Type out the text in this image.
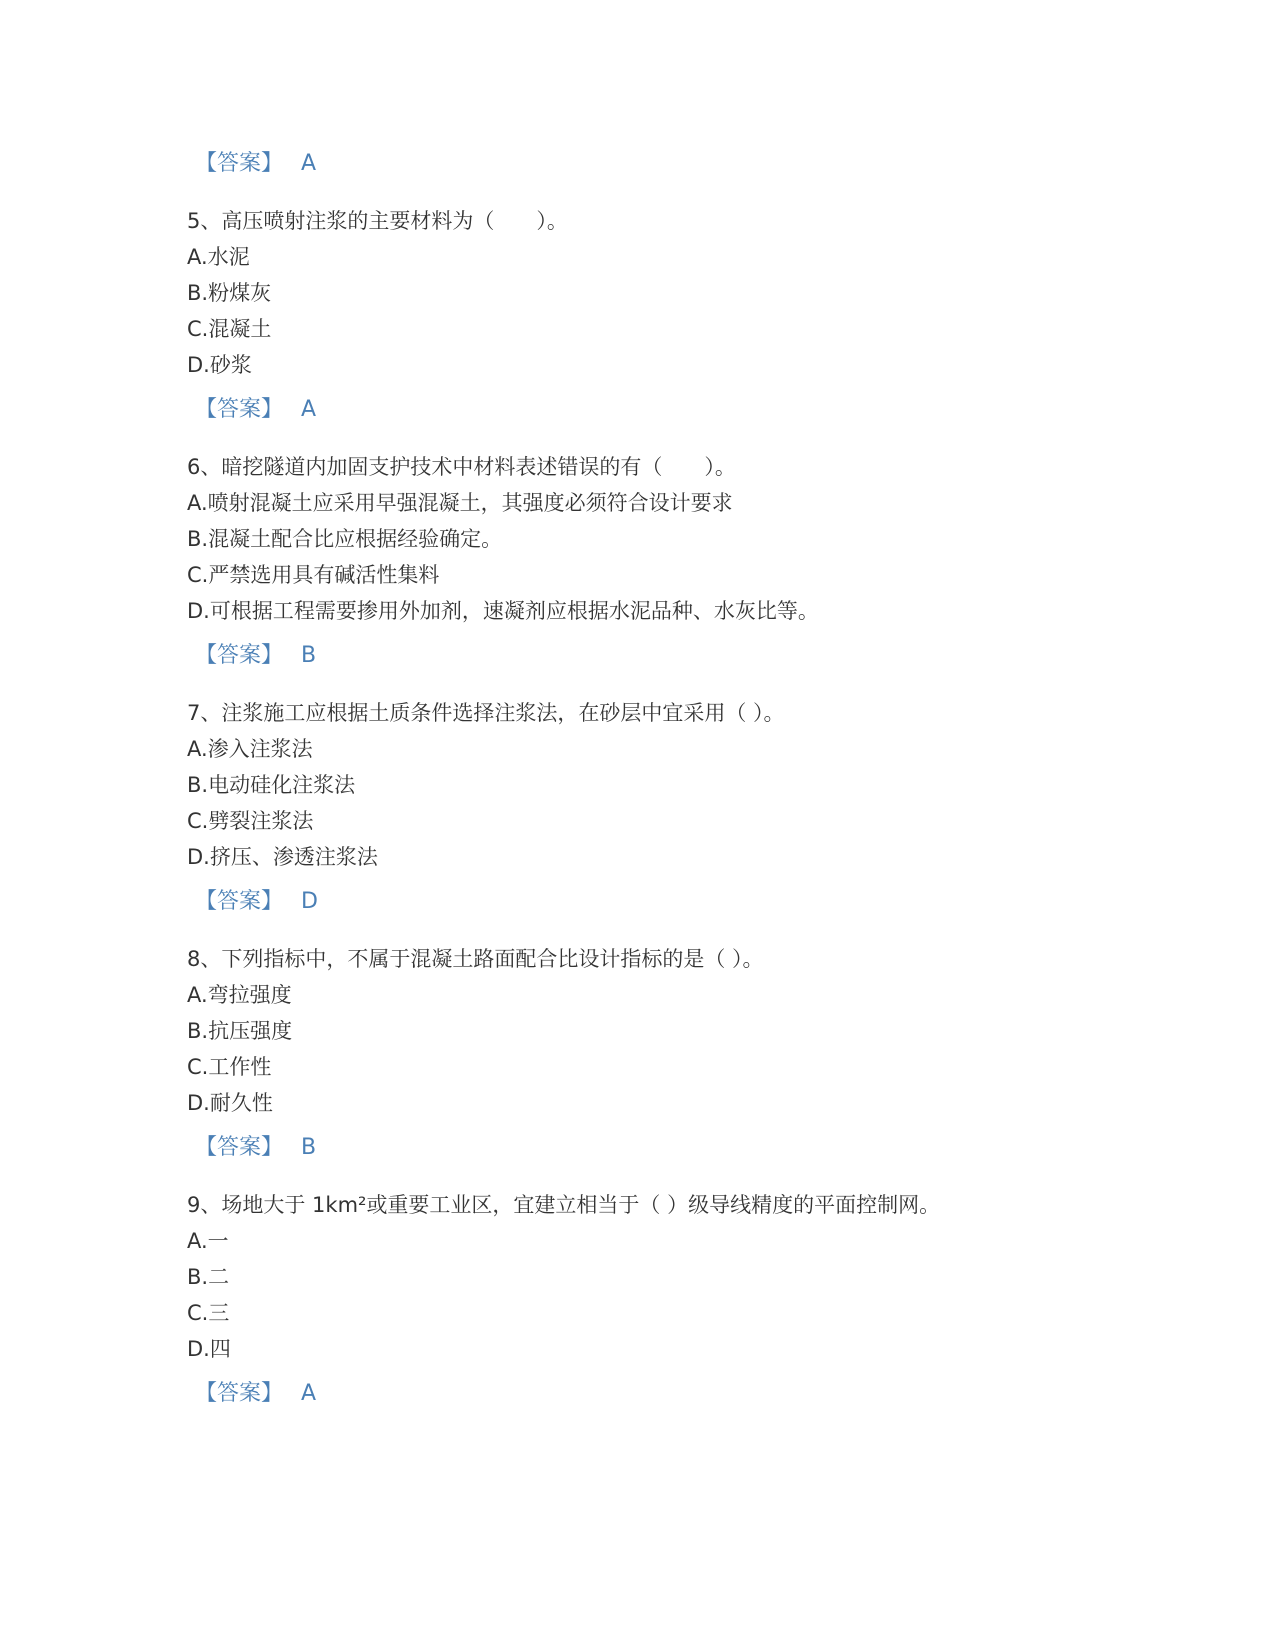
【答案】 A
5、高压喷射注浆的主要材料为（　　）。
A.水泥
B.粉煤灰
C.混凝土
D.砂浆
【答案】 A
6、暗挖隧道内加固支护技术中材料表述错误的有（　　）。
A.喷射混凝土应采用早强混凝土，其强度必须符合设计要求
B.混凝土配合比应根据经验确定。
C.严禁选用具有碱活性集料
D.可根据工程需要掺用外加剂，速凝剂应根据水泥品种、水灰比等。
【答案】 B
7、注浆施工应根据土质条件选择注浆法，在砂层中宜采用（ ）。
A.渗入注浆法
B.电动硅化注浆法
C.劈裂注浆法
D.挤压、渗透注浆法
【答案】 D
8、下列指标中，不属于混凝土路面配合比设计指标的是（ ）。
A.弯拉强度
B.抗压强度
C.工作性
D.耐久性
【答案】 B
9、场地大于 1km²或重要工业区，宜建立相当于（ ）级导线精度的平面控制网。
A.一
B.二
C.三
D.四
【答案】 A
